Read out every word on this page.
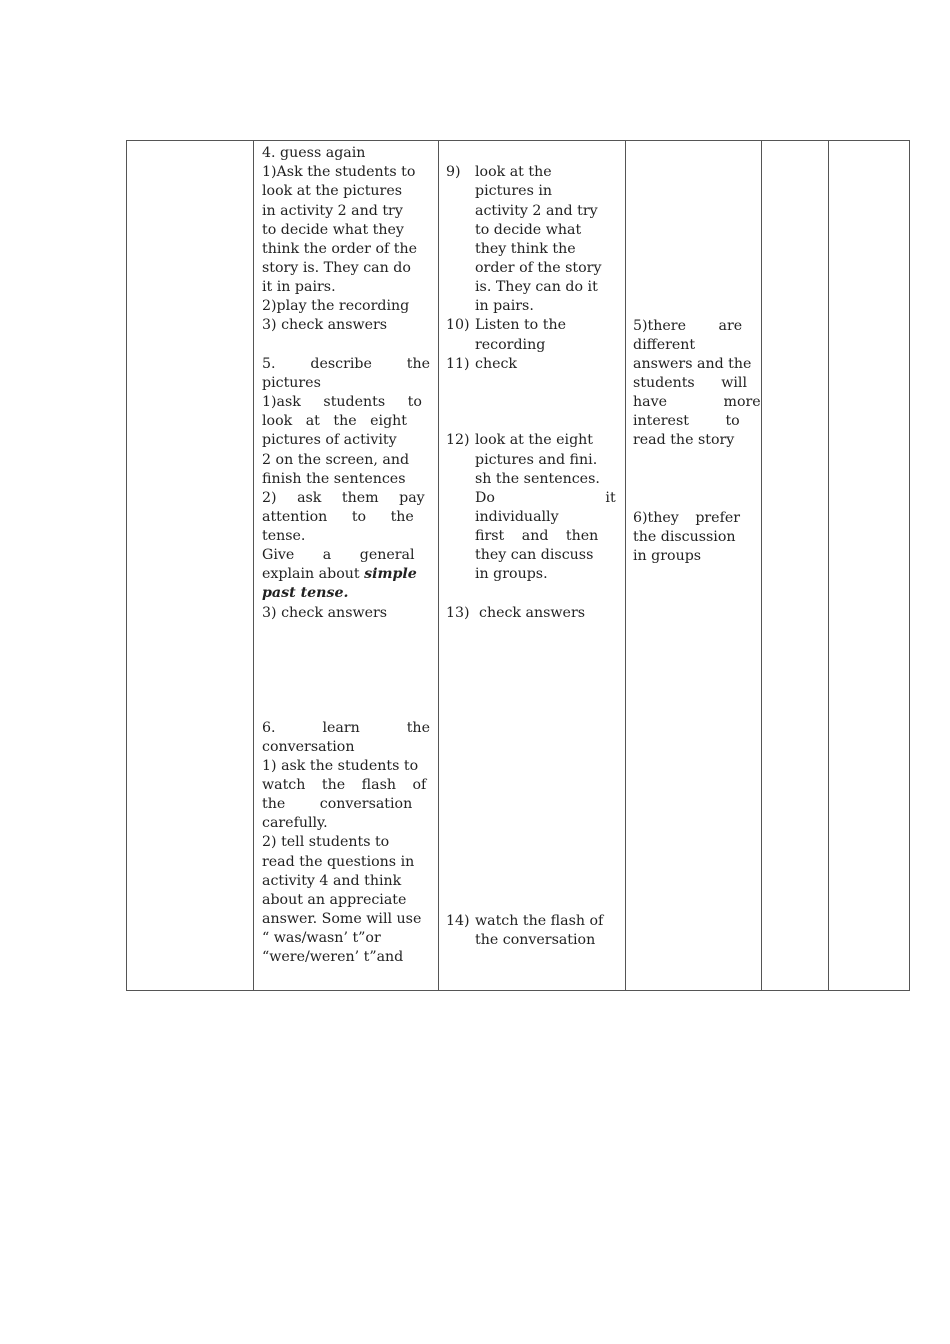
4. guess again
1)Ask the students to
look at the pictures
in activity 2 and try
to decide what they
think the order of the
story is. They can do
it in pairs.
2)play the recording
3) check answers
5. describe the
pictures
1)ask students to
look at the eight
pictures of activity
2 on the screen, and
finish the sentences
2) ask them pay
attention to the
tense.
Give a general
explain about simple
past tense.
3) check answers
6.	learn	the
conversation
1) ask the students to
watch the flash of
the conversation
carefully.
2) tell students to
read the questions in
activity 4 and think
about an appreciate
answer. Some will use
“ was/wasn’ t”or
“were/weren’ t”and
9) look at the
pictures in
activity 2 and try
to decide what
they think the
order of the story
is. They can do it
in pairs.
10) Listen to the
recording
11) check
12) look at the eight
pictures and fini.
sh the sentences.
Do it
individually
first and then
they can discuss
in groups.
13) check answers
14) watch the flash of
the conversation
5)there are
different
answers and the
students will
have more
interest to
read the story
6)they prefer
the discussion
in groups
